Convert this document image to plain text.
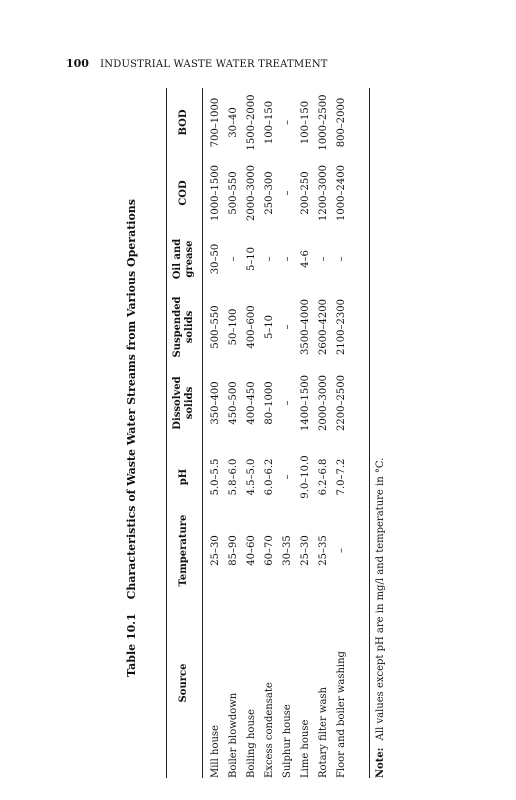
100 INDUSTRIAL WASTE WATER TREATMENT
Table 10.1 Characteristics of Waste Water Streams from Various Operations
Source	Temperature	pH	Dissolved solids	Suspended solids	Oil and grease	COD	BOD
Mill house	25–30	5.0–5.5	350–400	500–550	30–50	1000–1500	700–1000
Boiler blowdown	85–90	5.8–6.0	450–500	50–100	–	500–550	30–40
Boiling house	40–60	4.5–5.0	400–450	400–600	5–10	2000–3000	1500–2000
Excess condensate	60–70	6.0–6.2	80–1000	5–10	–	250–300	100–150
Sulphur house	30–35	–	–	–	–	–	–
Lime house	25–30	9.0–10.0	1400–1500	3500–4000	4–6	200–250	100–150
Rotary filter wash	25–35	6.2–6.8	2000–3000	2600–4200	–	1200–3000	1000–2500
Floor and boiler washing	–	7.0–7.2	2200–2500	2100–2300	–	1000–2400	800–2000
Note: All values except pH are in mg/l and temperature in °C.
